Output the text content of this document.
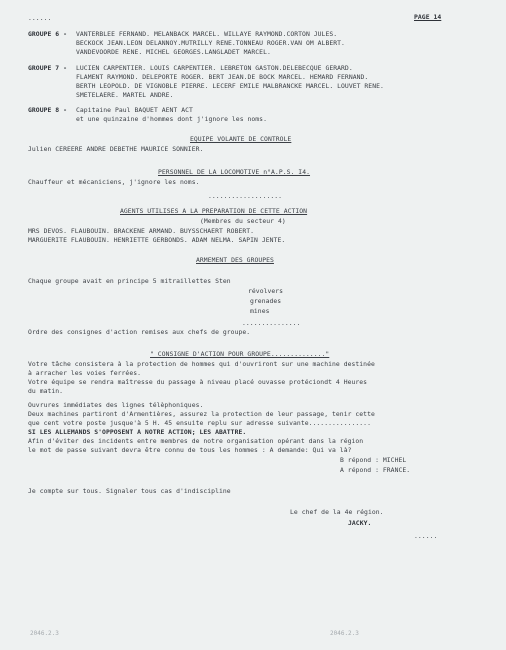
......	PAGE 14
GROUPE 6 - VANTERBLEE FERNAND. MELANBACK MARCEL. WILLAYE RAYMOND.CORTON JULES.
BECKOCK JEAN.LEON DELANNOY.MUTRILLY RENE.TONNEAU ROGER.VAN OM ALBERT.
VANDEVOORDE RENE. MICHEL GEORGES.LANGLADET MARCEL.
GROUPE 7 - LUCIEN CARPENTIER. LOUIS CARPENTIER. LEBRETON GASTON.DELEBECQUE GERARD.
FLAMENT RAYMOND. DELEPORTE ROGER. BERT JEAN.DE BOCK MARCEL. HEMARD FERNAND.
BERTH LEOPOLD. DE VIGNOBLE PIERRE. LECERF EMILE MALBRANCKE MARCEL. LOUVET RENE.
SMETELAERE. MARTEL ANDRE.
GROUPE 8 - Capitaine Paul BAQUET AENT ACT
et une quinzaine d'hommes dont j'ignore les noms.
EQUIPE VOLANTE DE CONTROLE
Julien CEREERE ANDRE DEBETHE MAURICE SONNIER.
PERSONNEL DE LA LOCOMOTIVE n°A.P.S. I4.
Chauffeur et mécaniciens, j'ignore les noms.
...................
AGENTS UTILISES A LA PREPARATION DE CETTE ACTION
(Membres du secteur 4)
MRS DEVOS. FLAUBOUIN. BRACKENE ARMAND. BUYSSCHAERT ROBERT.
MARGUERITE FLAUBOUIN. HENRIETTE GERBONDS. ADAM NELMA. SAPIN JENTE.
ARMEMENT DES GROUPES
Chaque groupe avait en principe 5 mitraillettes Sten
révolvers
grenades
mines
...............
Ordre des consignes d'action remises aux chefs de groupe.
" CONSIGNE D'ACTION POUR GROUPE.............."
Votre tâche consistera à la protection de hommes qui d'ouvriront sur une machine destinée
à arracher les voies ferrées.
Votre équipe se rendra maîtresse du passage à niveau placé ouvasse protéciondt 4 Heures
du matin.
Ouvrures immédiates des lignes télèphoniques.
Deux machines partiront d'Armentières, assurez la protection de leur passage, tenir cette
que cent votre poste jusque'à 5 H. 45 ensuite replu sur adresse suivante................
SI LES ALLEMANDS S'OPPOSENT A NOTRE ACTION; LES ABATTRE.
Afin d'éviter des incidents entre membres de notre organisation opérant dans la région
le mot de passe suivant devra être connu de tous les hommes : A demande: Qui va là?
B répond : MICHEL
A répond : FRANCE.
Je compte sur tous. Signaler tous cas d'indiscipline
Le chef de la 4e région.
JACKY.
......
2046.2.3	2046.2.3
